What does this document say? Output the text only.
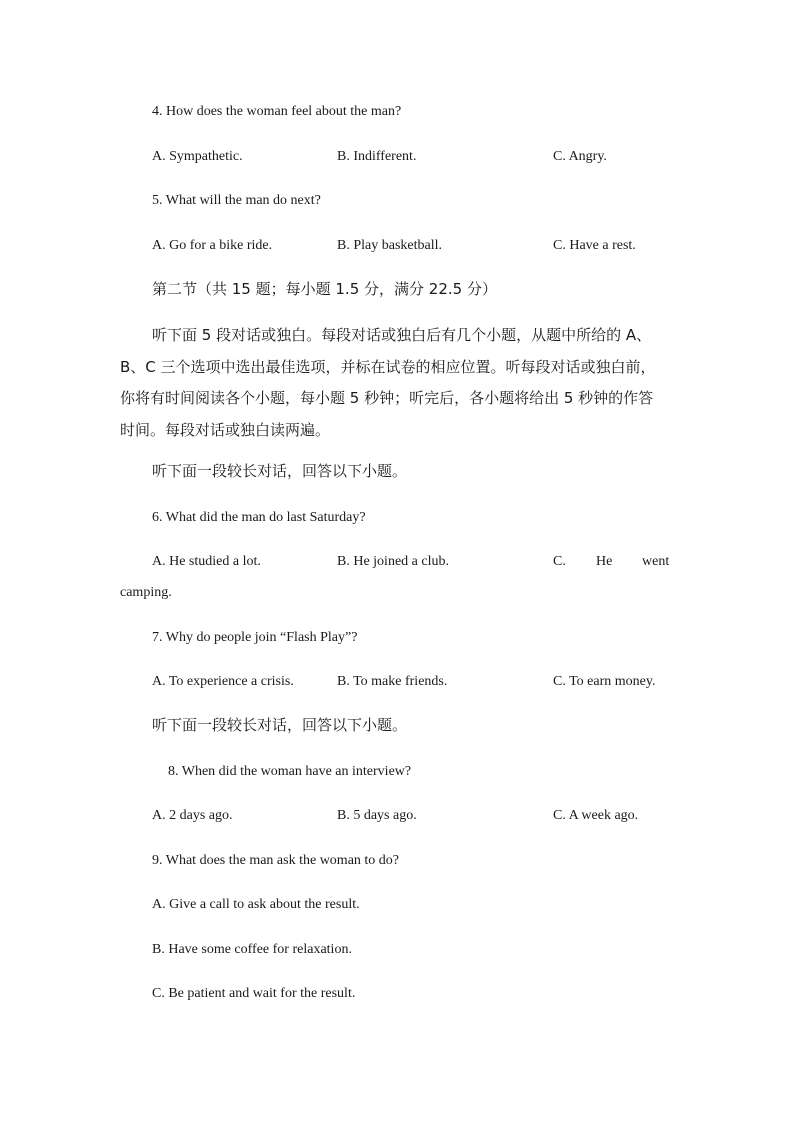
4. How does the woman feel about the man?
A. Sympathetic.	B. Indifferent.	C. Angry.
5. What will the man do next?
A. Go for a bike ride.	B. Play basketball.	C. Have a rest.
第二节（共 15 题；每小题 1.5 分，满分 22.5 分）
听下面 5 段对话或独白。每段对话或独白后有几个小题，从题中所给的 A、
B、C 三个选项中选出最佳选项，并标在试卷的相应位置。听每段对话或独白前，
你将有时间阅读各个小题，每小题 5 秒钟；听完后，各小题将给出 5 秒钟的作答
时间。每段对话或独白读两遍。
听下面一段较长对话，回答以下小题。
6. What did the man do last Saturday?
A. He studied a lot.	B. He joined a club.	C. He went
camping.
7. Why do people join “Flash Play”?
A. To experience a crisis.	B. To make friends.	C. To earn money.
听下面一段较长对话，回答以下小题。
8. When did the woman have an interview?
A. 2 days ago.	B. 5 days ago.	C. A week ago.
9. What does the man ask the woman to do?
A. Give a call to ask about the result.
B. Have some coffee for relaxation.
C. Be patient and wait for the result.
